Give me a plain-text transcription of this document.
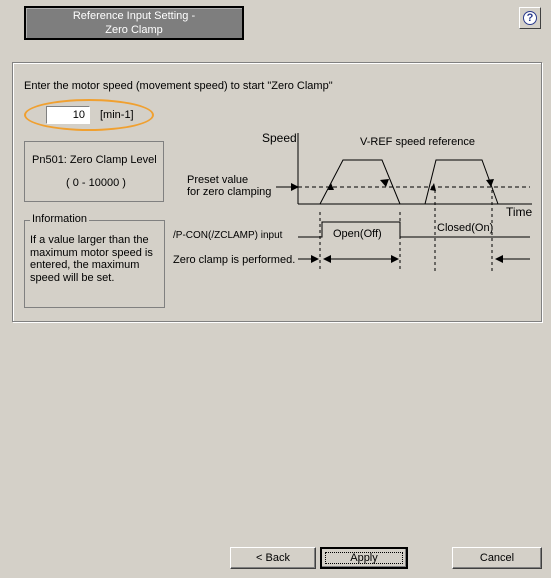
Reference Input Setting -
Zero Clamp
?
Enter the motor speed (movement speed) to start "Zero Clamp"
10	[min-1]
Pn501: Zero Clamp Level
( 0 - 10000 )
Information
If a value larger than the maximum motor speed is entered, the maximum speed will be set.
Speed	V-REF speed reference
Preset value
for zero clamping
Time
/P-CON(/ZCLAMP) input	Open(Off)	Closed(On)
Zero clamp is performed.
< Back	Apply	Cancel
